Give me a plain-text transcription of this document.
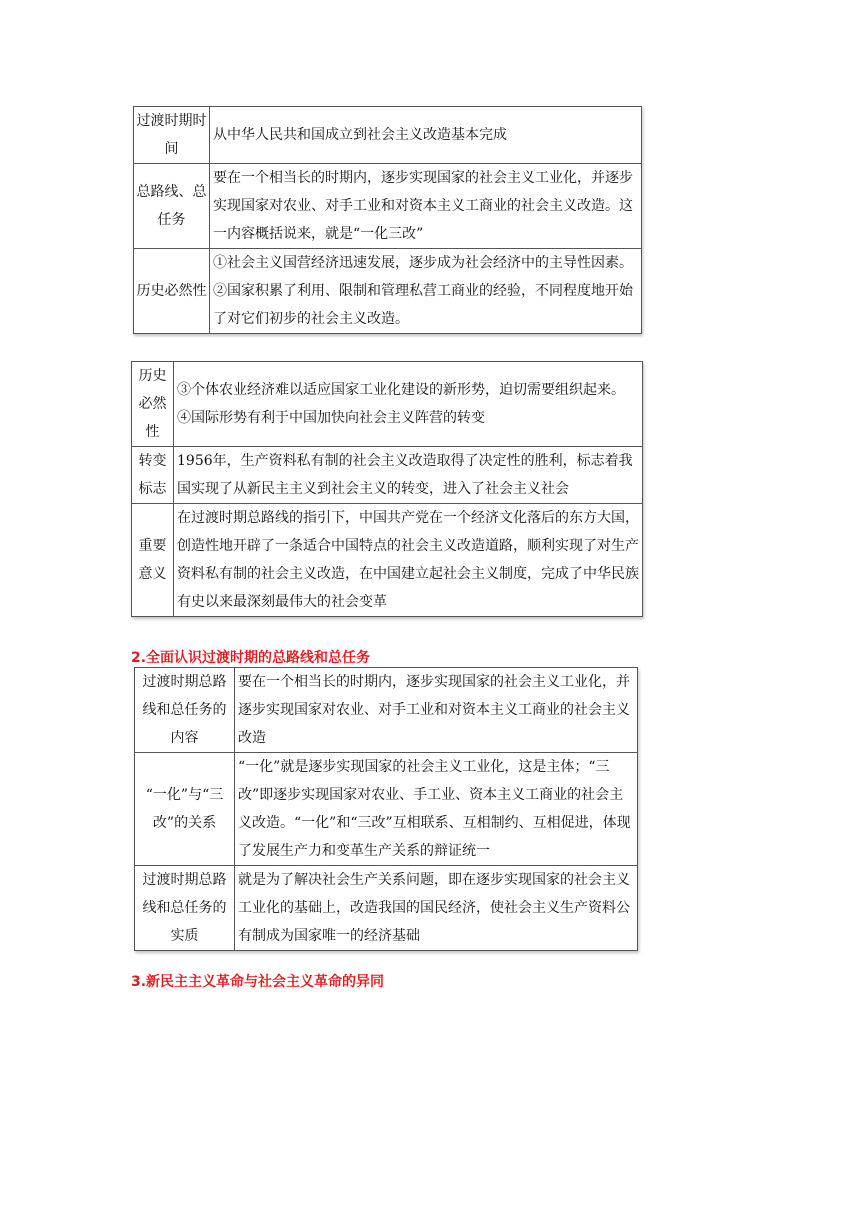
过渡时期时间	从中华人民共和国成立到社会主义改造基本完成
总路线、总任务	要在一个相当长的时期内，逐步实现国家的社会主义工业化，并逐步实现国家对农业、对手工业和对资本主义工商业的社会主义改造。这一内容概括说来，就是“一化三改”
历史必然性	①社会主义国营经济迅速发展，逐步成为社会经济中的主导性因素。
②国家积累了利用、限制和管理私营工商业的经验，不同程度地开始了对它们初步的社会主义改造。
历史必然性	③个体农业经济难以适应国家工业化建设的新形势，迫切需要组织起来。
④国际形势有利于中国加快向社会主义阵营的转变

转变标志	1956年，生产资料私有制的社会主义改造取得了决定性的胜利，标志着我国实现了从新民主主义到社会主义的转变，进入了社会主义社会
重要意义	在过渡时期总路线的指引下，中国共产党在一个经济文化落后的东方大国，创造性地开辟了一条适合中国特点的社会主义改造道路，顺利实现了对生产资料私有制的社会主义改造，在中国建立起社会主义制度，完成了中华民族有史以来最深刻最伟大的社会变革
2.全面认识过渡时期的总路线和总任务
过渡时期总路线和总任务的内容	要在一个相当长的时期内，逐步实现国家的社会主义工业化，并逐步实现国家对农业、对手工业和对资本主义工商业的社会主义改造
“一化”与“三改”的关系	“一化”就是逐步实现国家的社会主义工业化，这是主体；“三改”即逐步实现国家对农业、手工业、资本主义工商业的社会主义改造。“一化”和“三改”互相联系、互相制约、互相促进，体现了发展生产力和变革生产关系的辩证统一
过渡时期总路线和总任务的实质	就是为了解决社会生产关系问题，即在逐步实现国家的社会主义工业化的基础上，改造我国的国民经济，使社会主义生产资料公有制成为国家唯一的经济基础
3.新民主主义革命与社会主义革命的异同
